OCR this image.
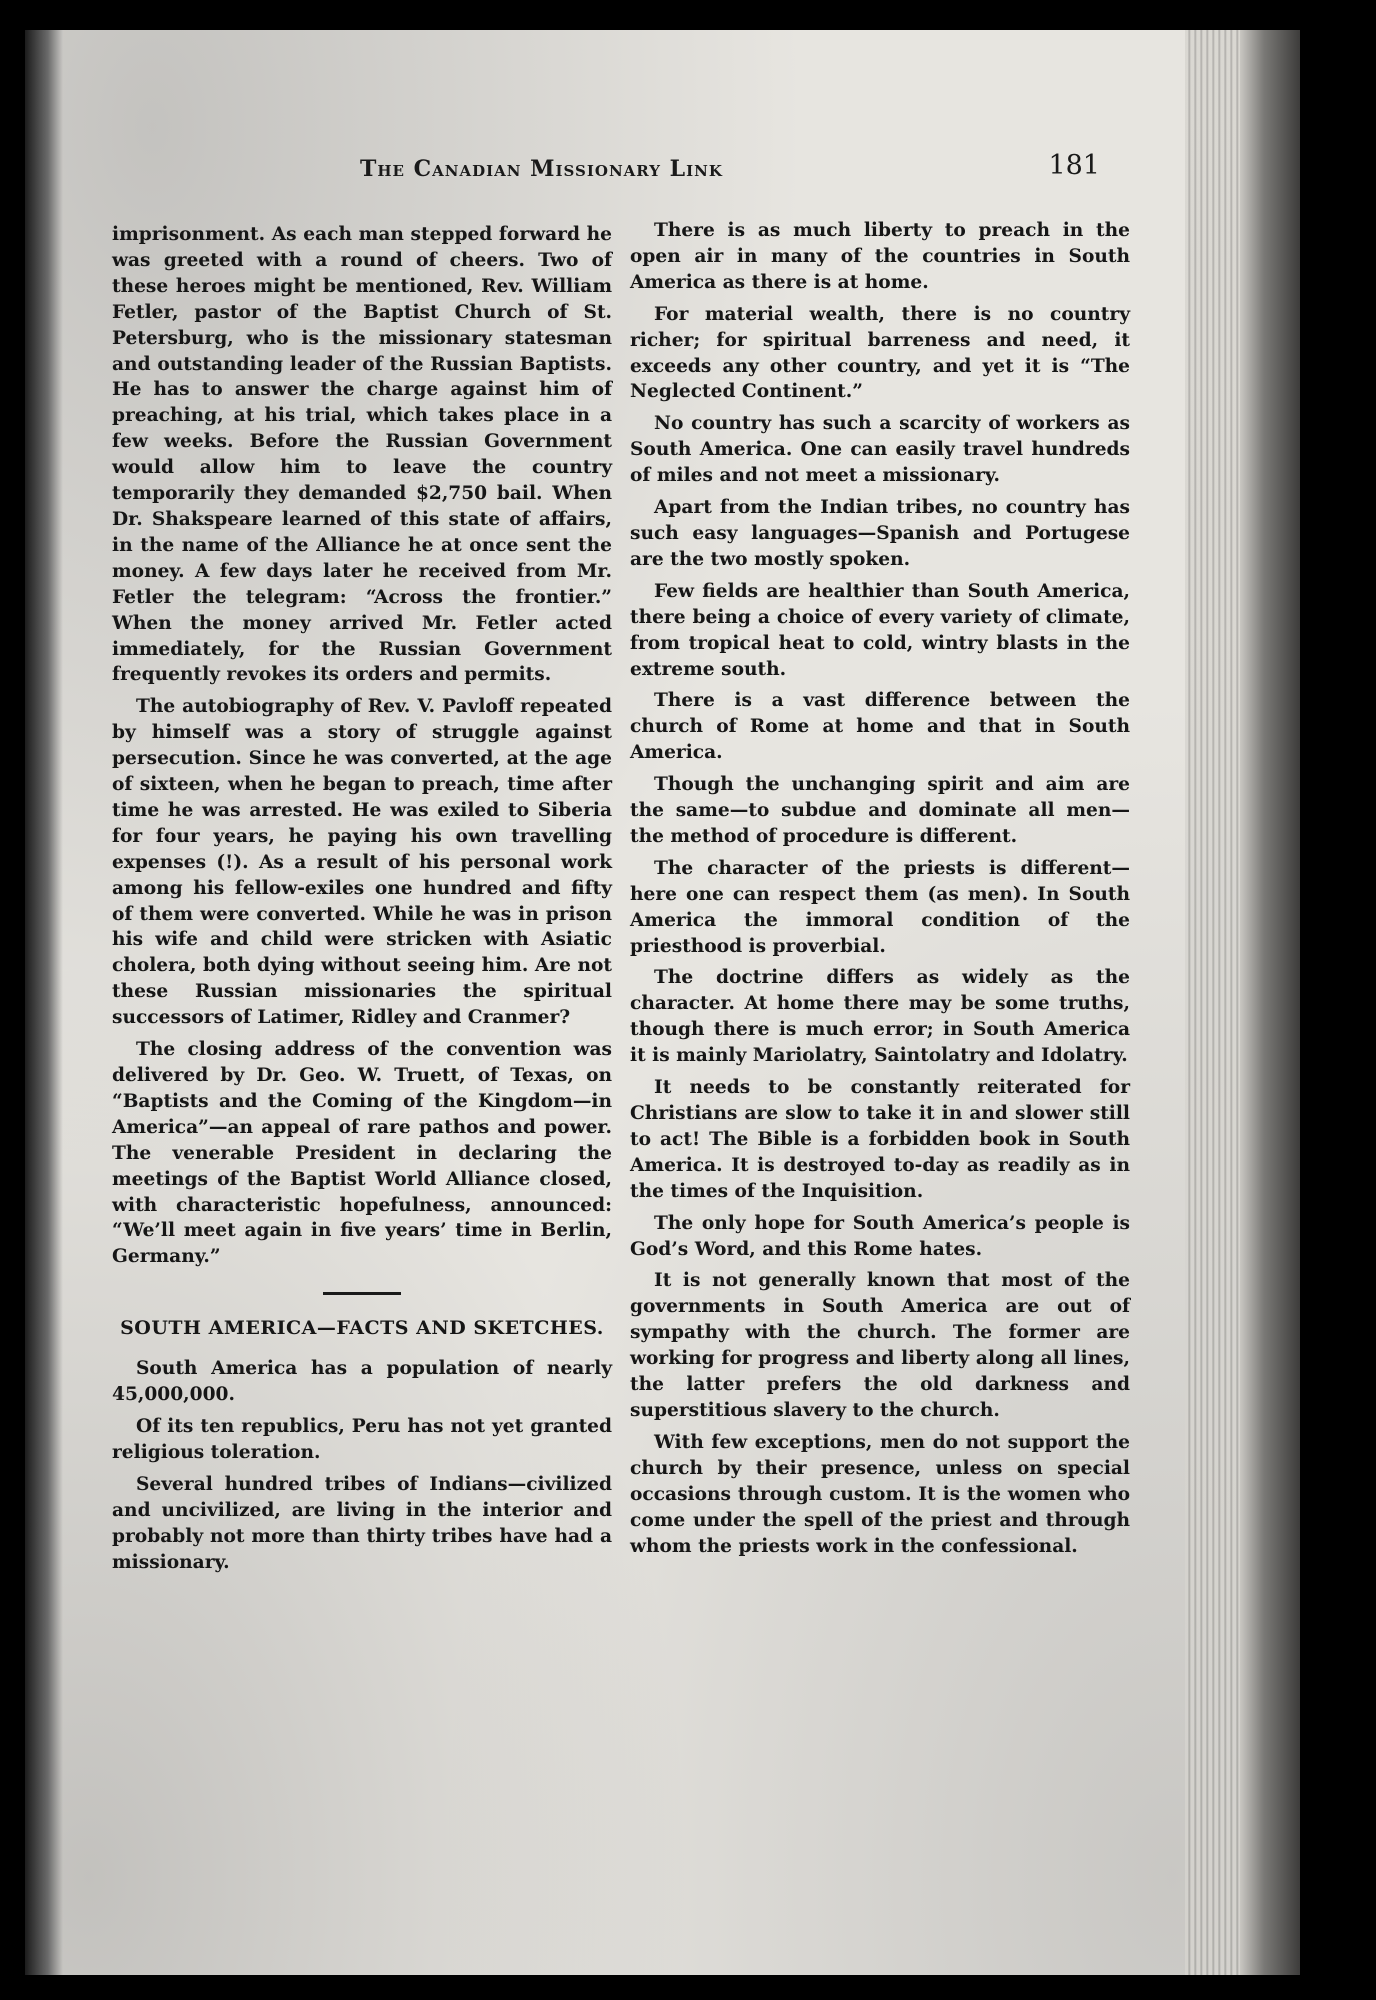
The Canadian Missionary Link	181

imprisonment. As each man stepped forward he was greeted with a round of cheers. Two of these heroes might be mentioned, Rev. William Fetler, pastor of the Baptist Church of St. Petersburg, who is the missionary statesman and outstanding leader of the Russian Baptists. He has to answer the charge against him of preaching, at his trial, which takes place in a few weeks. Before the Russian Government would allow him to leave the country temporarily they demanded $2,750 bail. When Dr. Shakspeare learned of this state of affairs, in the name of the Alliance he at once sent the money. A few days later he received from Mr. Fetler the telegram: “Across the frontier.” When the money arrived Mr. Fetler acted immediately, for the Russian Government frequently revokes its orders and permits.

The autobiography of Rev. V. Pavloff repeated by himself was a story of struggle against persecution. Since he was converted, at the age of sixteen, when he began to preach, time after time he was arrested. He was exiled to Siberia for four years, he paying his own travelling expenses (!). As a result of his personal work among his fellow-exiles one hundred and fifty of them were converted. While he was in prison his wife and child were stricken with Asiatic cholera, both dying without seeing him. Are not these Russian missionaries the spiritual successors of Latimer, Ridley and Cranmer?

The closing address of the convention was delivered by Dr. Geo. W. Truett, of Texas, on “Baptists and the Coming of the Kingdom—in America”—an appeal of rare pathos and power. The venerable President in declaring the meetings of the Baptist World Alliance closed, with characteristic hopefulness, announced: “We’ll meet again in five years’ time in Berlin, Germany.”

SOUTH AMERICA—FACTS AND SKETCHES.

South America has a population of nearly 45,000,000.

Of its ten republics, Peru has not yet granted religious toleration.

Several hundred tribes of Indians—civilized and uncivilized, are living in the interior and probably not more than thirty tribes have had a missionary.

There is as much liberty to preach in the open air in many of the countries in South America as there is at home.

For material wealth, there is no country richer; for spiritual barreness and need, it exceeds any other country, and yet it is “The Neglected Continent.”

No country has such a scarcity of workers as South America. One can easily travel hundreds of miles and not meet a missionary.

Apart from the Indian tribes, no country has such easy languages—Spanish and Portugese are the two mostly spoken.

Few fields are healthier than South America, there being a choice of every variety of climate, from tropical heat to cold, wintry blasts in the extreme south.

There is a vast difference between the church of Rome at home and that in South America.

Though the unchanging spirit and aim are the same—to subdue and dominate all men—the method of procedure is different.

The character of the priests is different—here one can respect them (as men). In South America the immoral condition of the priesthood is proverbial.

The doctrine differs as widely as the character. At home there may be some truths, though there is much error; in South America it is mainly Mariolatry, Saintolatry and Idolatry.

It needs to be constantly reiterated for Christians are slow to take it in and slower still to act! The Bible is a forbidden book in South America. It is destroyed to-day as readily as in the times of the Inquisition.

The only hope for South America’s people is God’s Word, and this Rome hates.

It is not generally known that most of the governments in South America are out of sympathy with the church. The former are working for progress and liberty along all lines, the latter prefers the old darkness and superstitious slavery to the church.

With few exceptions, men do not support the church by their presence, unless on special occasions through custom. It is the women who come under the spell of the priest and through whom the priests work in the confessional.
